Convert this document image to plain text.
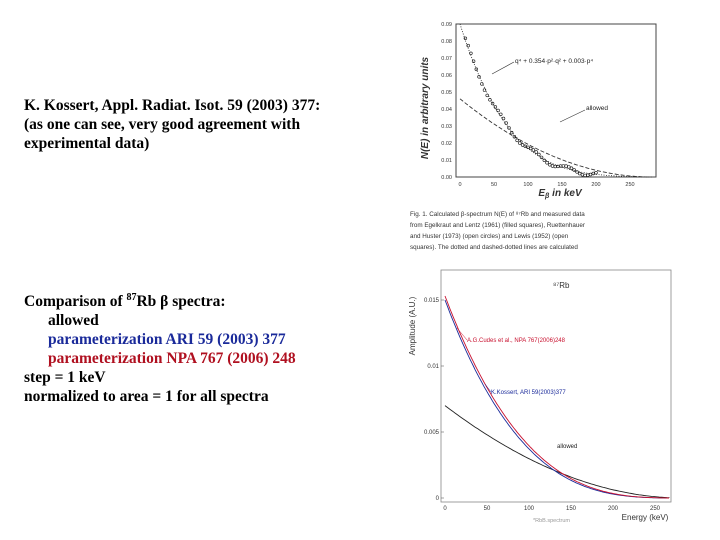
K. Kossert, Appl. Radiat. Isot. 59 (2003) 377:
(as one can see, very good agreement with
experimental data)
Comparison of $^{87}$Rb β spectra:
allowed
parameterization ARI 59 (2003) 377
parameterization NPA 767 (2006) 248
step = 1 keV
normalized to area = 1 for all spectra
N(E) in arbitrary units
0.09
0.08
0.07
0.06
0.05
0.04
0.03
0.02
0.01
0.00
0	50	100	150	200	250
$E_\beta$ in keV
q⁴ + 0.354·p²·q² + 0.003·p⁴
allowed
Fig. 1. Calculated β-spectrum N(E) of ⁸⁷Rb and measured data
from Egelkraut and Lentz (1961) (filled squares), Ruettenhauer
and Huster (1973) (open circles) and Lewis (1952) (open
squares). The dotted and dashed-dotted lines are calculated
Amplitude (A.U.)
⁸⁷Rb
0.015
0.01
0.005
0
0	50	100	150	200	250
Energy (keV)
A.G.Cudes et al., NPA 767(2006)248
K.Kossert, ARI 59(2003)377
allowed
*RbB.spectrum
